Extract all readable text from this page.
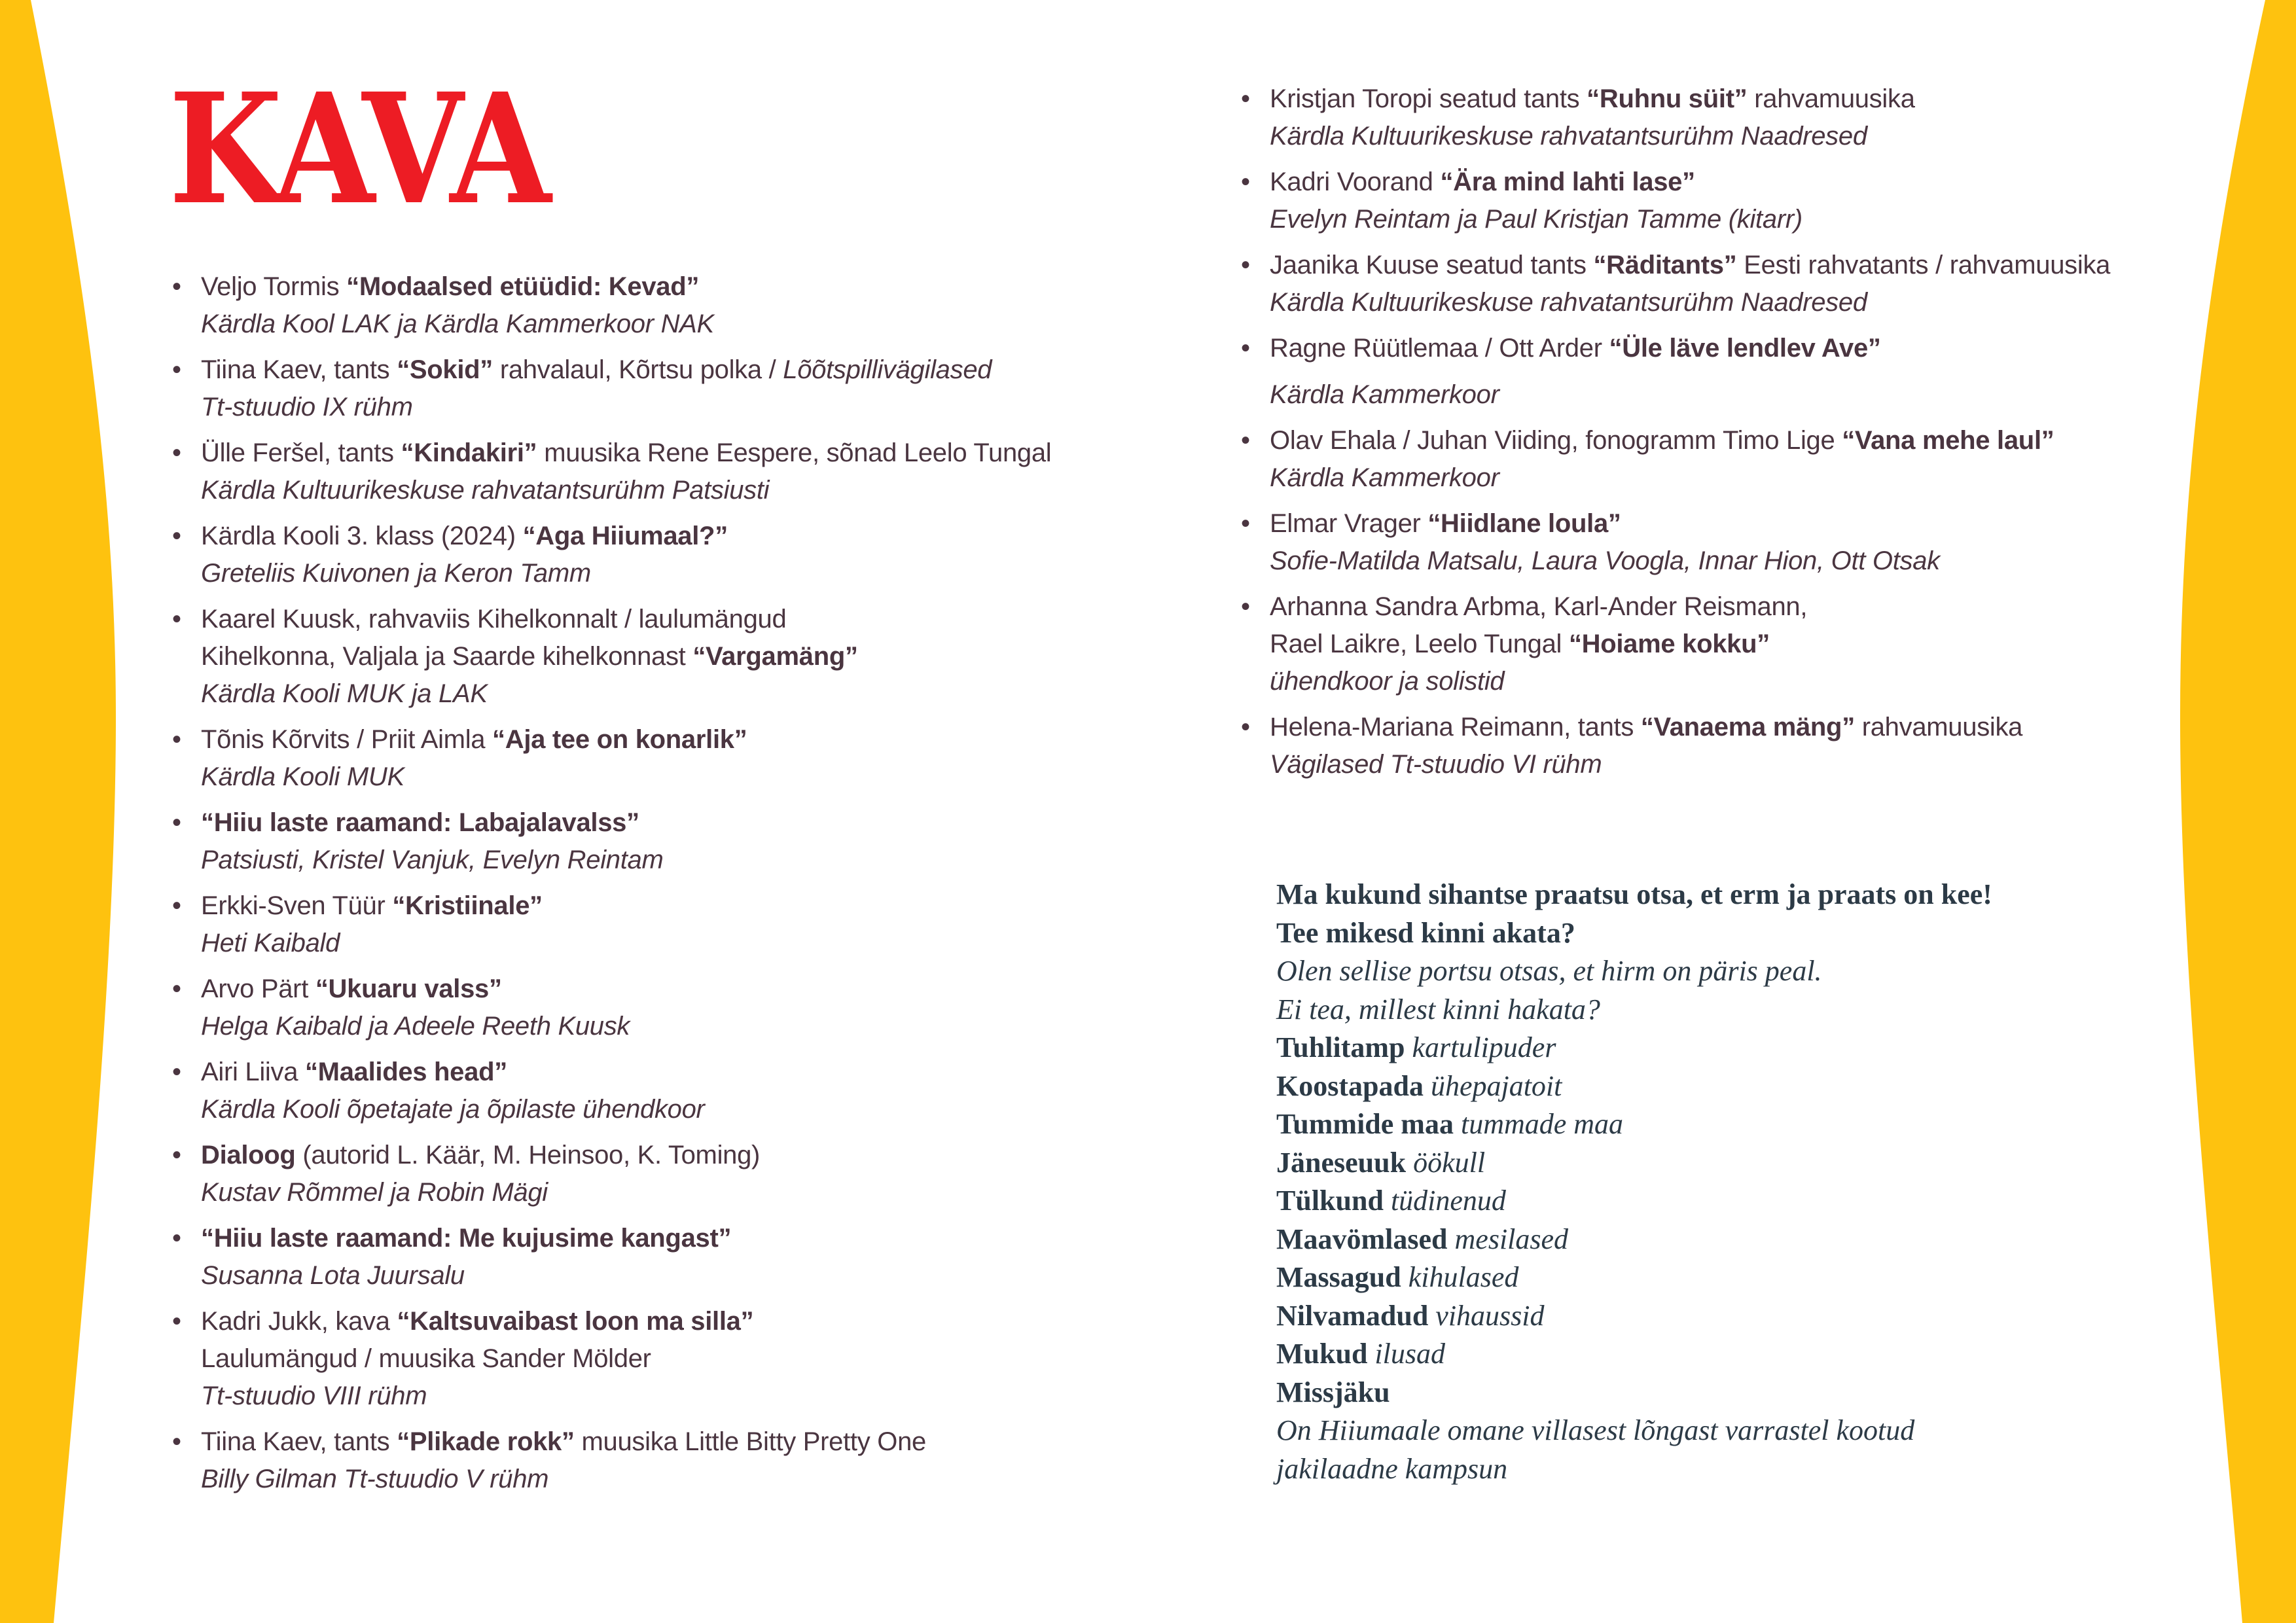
KAVA
• Veljo Tormis “Modaalsed etüüdid: Kevad”
Kärdla Kool LAK ja Kärdla Kammerkoor NAK
• Tiina Kaev, tants “Sokid” rahvalaul, Kõrtsu polka / Lõõtspillivägilased
Tt-stuudio IX rühm
• Ülle Feršel, tants “Kindakiri” muusika Rene Eespere, sõnad Leelo Tungal
Kärdla Kultuurikeskuse rahvatantsurühm Patsiusti
• Kärdla Kooli 3. klass (2024) “Aga Hiiumaal?”
Greteliis Kuivonen ja Keron Tamm
• Kaarel Kuusk, rahvaviis Kihelkonnalt / laulumängud
Kihelkonna, Valjala ja Saarde kihelkonnast “Vargamäng”
Kärdla Kooli MUK ja LAK
• Tõnis Kõrvits / Priit Aimla “Aja tee on konarlik”
Kärdla Kooli MUK
• “Hiiu laste raamand: Labajalavalss”
Patsiusti, Kristel Vanjuk, Evelyn Reintam
• Erkki-Sven Tüür “Kristiinale”
Heti Kaibald
• Arvo Pärt “Ukuaru valss”
Helga Kaibald ja Adeele Reeth Kuusk
• Airi Liiva “Maalides head”
Kärdla Kooli õpetajate ja õpilaste ühendkoor
• Dialoog (autorid L. Käär, M. Heinsoo, K. Toming)
Kustav Rõmmel ja Robin Mägi
• “Hiiu laste raamand: Me kujusime kangast”
Susanna Lota Juursalu
• Kadri Jukk, kava “Kaltsuvaibast loon ma silla”
Laulumängud / muusika Sander Mölder
Tt-stuudio VIII rühm
• Tiina Kaev, tants “Plikade rokk” muusika Little Bitty Pretty One
Billy Gilman Tt-stuudio V rühm
• Kristjan Toropi seatud tants “Ruhnu süit” rahvamuusika
Kärdla Kultuurikeskuse rahvatantsurühm Naadresed
• Kadri Voorand “Ära mind lahti lase”
Evelyn Reintam ja Paul Kristjan Tamme (kitarr)
• Jaanika Kuuse seatud tants “Räditants” Eesti rahvatants / rahvamuusika
Kärdla Kultuurikeskuse rahvatantsurühm Naadresed
• Ragne Rüütlemaa / Ott Arder “Üle läve lendlev Ave”
Kärdla Kammerkoor
• Olav Ehala / Juhan Viiding, fonogramm Timo Lige “Vana mehe laul”
Kärdla Kammerkoor
• Elmar Vrager “Hiidlane loula”
Sofie-Matilda Matsalu, Laura Voogla, Innar Hion, Ott Otsak
• Arhanna Sandra Arbma, Karl-Ander Reismann,
Rael Laikre, Leelo Tungal “Hoiame kokku”
ühendkoor ja solistid
• Helena-Mariana Reimann, tants “Vanaema mäng” rahvamuusika
Vägilased Tt-stuudio VI rühm
Ma kukund sihantse praatsu otsa, et erm ja praats on kee!
Tee mikesd kinni akata?
Olen sellise portsu otsas, et hirm on päris peal.
Ei tea, millest kinni hakata?
Tuhlitamp kartulipuder
Koostapada ühepajatoit
Tummide maa tummade maa
Jäneseuuk öökull
Tülkund tüdinenud
Maavömlased mesilased
Massagud kihulased
Nilvamadud vihaussid
Mukud ilusad
Missjäku
On Hiiumaale omane villasest lõngast varrastel kootud
jakilaadne kampsun
